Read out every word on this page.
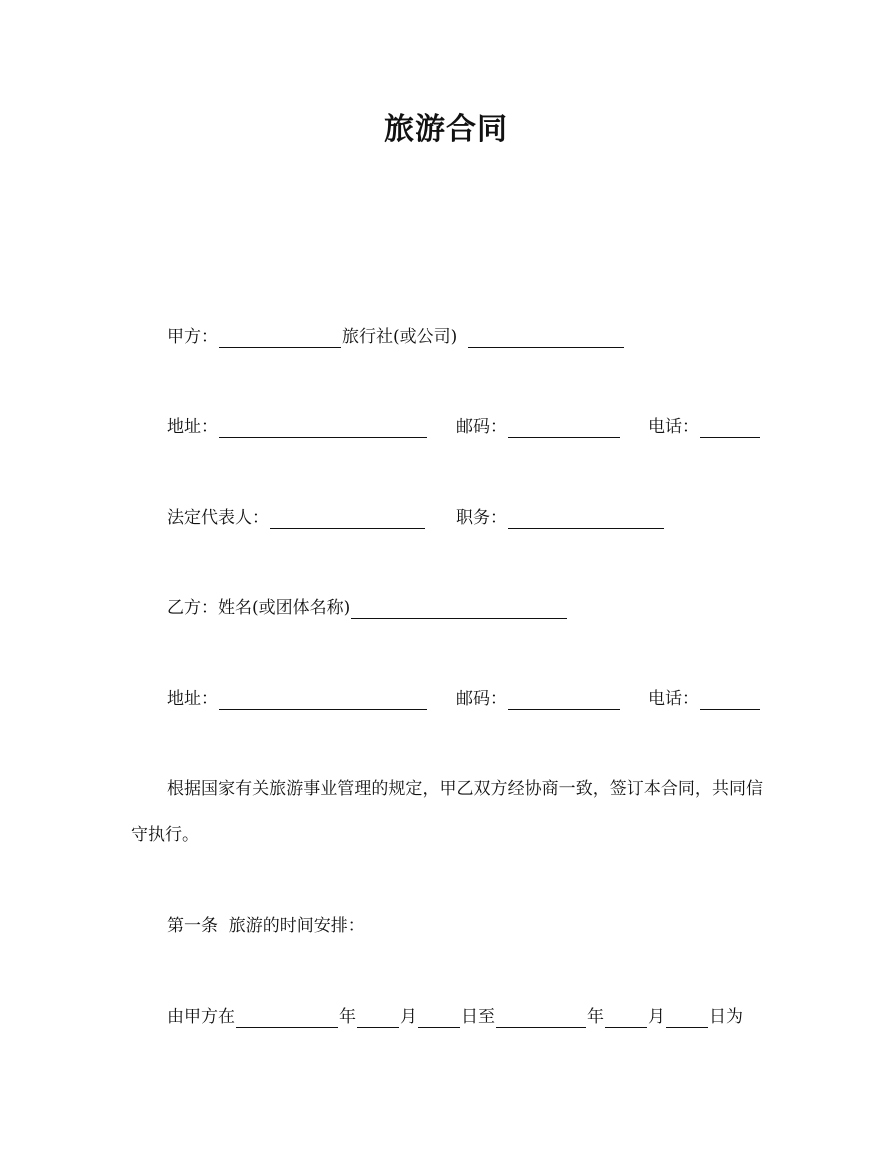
旅游合同
甲方：	旅行社(或公司)
地址：	邮码：	电话：
法定代表人：	职务：
乙方：姓名(或团体名称)
地址：	邮码：	电话：
根据国家有关旅游事业管理的规定，甲乙双方经协商一致，签订本合同，共同信守执行。
第一条  旅游的时间安排：
由甲方在	年	月	日至	年	月	日为
